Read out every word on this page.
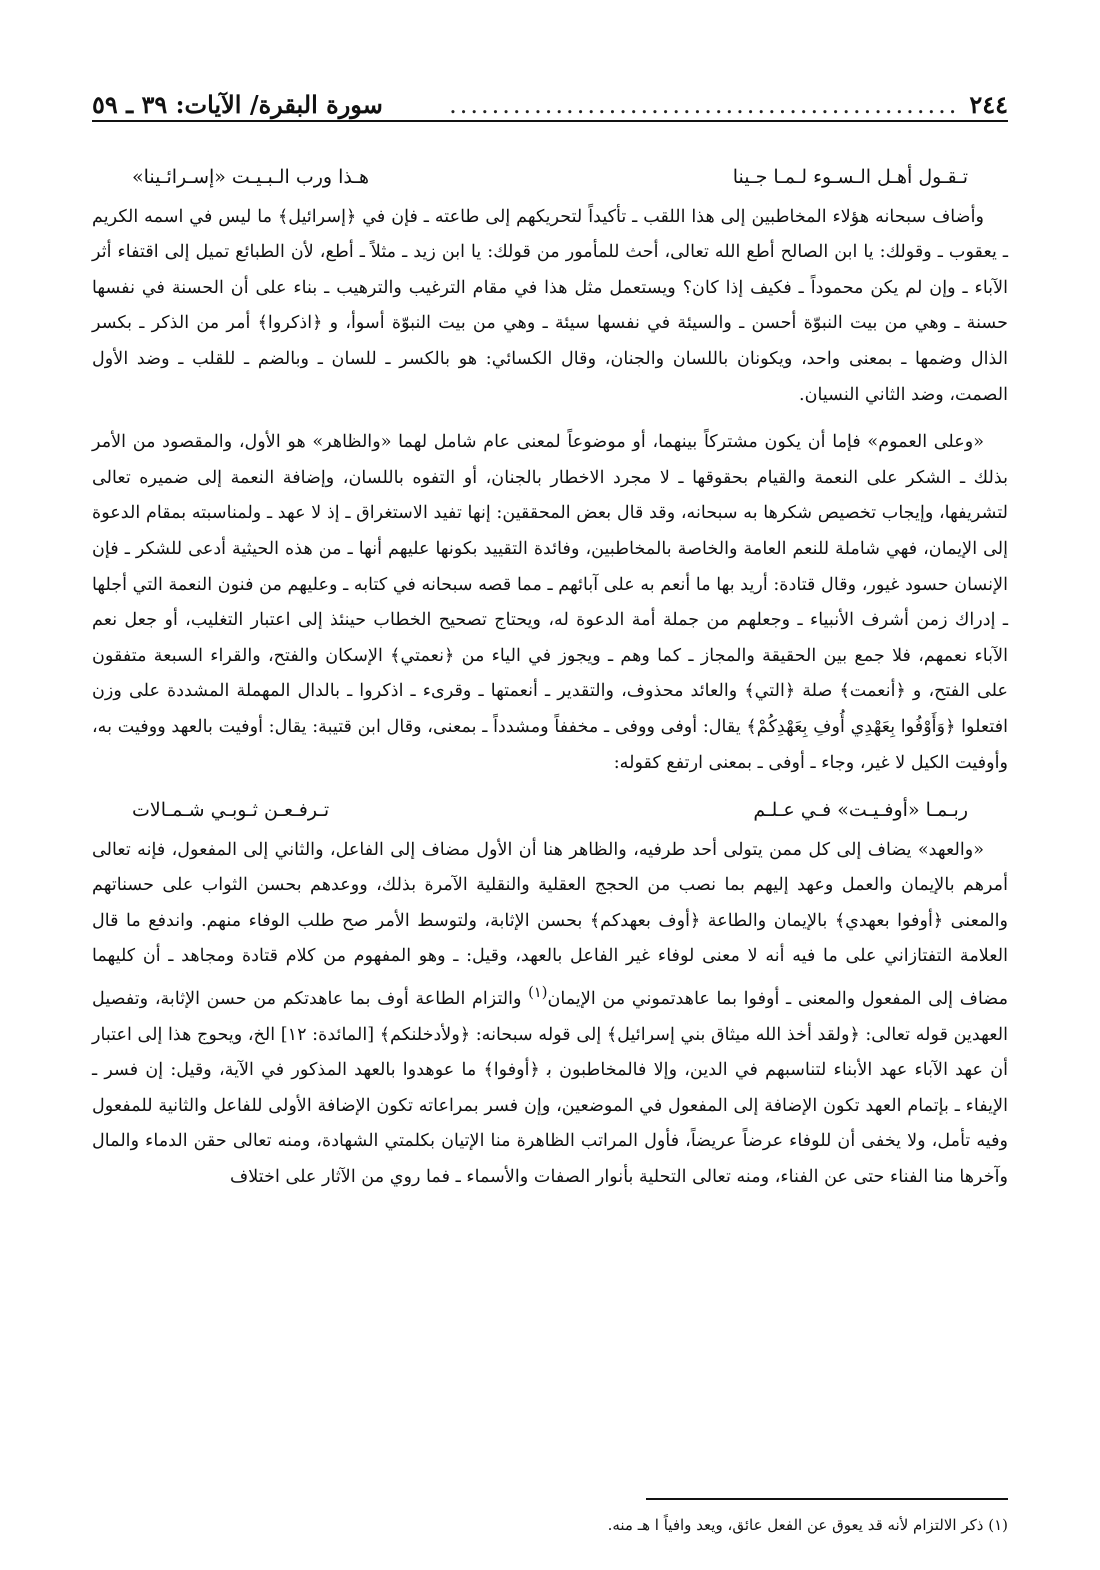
٢٤٤
................................................
سورة البقرة/ الآيات: ٣٩ ـ ٥٩
تـقـول أهـل الـسـوء لـمـا جـينا
هـذا ورب الـبـيـت «إسـرائـينا»

وأضاف سبحانه هؤلاء المخاطبين إلى هذا اللقب ـ تأكيداً لتحريكهم إلى طاعته ـ فإن في ﴿إسرائيل﴾ ما ليس في اسمه الكريم ـ يعقوب ـ وقولك: يا ابن الصالح أطع الله تعالى، أحث للمأمور من قولك: يا ابن زيد ـ مثلاً ـ أطع، لأن الطبائع تميل إلى اقتفاء أثر الآباء ـ وإن لم يكن محموداً ـ فكيف إذا كان؟ ويستعمل مثل هذا في مقام الترغيب والترهيب ـ بناء على أن الحسنة في نفسها حسنة ـ وهي من بيت النبوّة أحسن ـ والسيئة في نفسها سيئة ـ وهي من بيت النبوّة أسوأ، و ﴿اذكروا﴾ أمر من الذكر ـ بكسر الذال وضمها ـ بمعنى واحد، ويكونان باللسان والجنان، وقال الكسائي: هو بالكسر ـ للسان ـ وبالضم ـ للقلب ـ وضد الأول الصمت، وضد الثاني النسيان.

«وعلى العموم» فإما أن يكون مشتركاً بينهما، أو موضوعاً لمعنى عام شامل لهما «والظاهر» هو الأول، والمقصود من الأمر بذلك ـ الشكر على النعمة والقيام بحقوقها ـ لا مجرد الاخطار بالجنان، أو التفوه باللسان، وإضافة النعمة إلى ضميره تعالى لتشريفها، وإيجاب تخصيص شكرها به سبحانه، وقد قال بعض المحققين: إنها تفيد الاستغراق ـ إذ لا عهد ـ ولمناسبته بمقام الدعوة إلى الإيمان، فهي شاملة للنعم العامة والخاصة بالمخاطبين، وفائدة التقييد بكونها عليهم أنها ـ من هذه الحيثية أدعى للشكر ـ فإن الإنسان حسود غيور، وقال قتادة: أريد بها ما أنعم به على آبائهم ـ مما قصه سبحانه في كتابه ـ وعليهم من فنون النعمة التي أجلها ـ إدراك زمن أشرف الأنبياء ـ وجعلهم من جملة أمة الدعوة له، ويحتاج تصحيح الخطاب حينئذ إلى اعتبار التغليب، أو جعل نعم الآباء نعمهم، فلا جمع بين الحقيقة والمجاز ـ كما وهم ـ ويجوز في الياء من ﴿نعمتي﴾ الإسكان والفتح، والقراء السبعة متفقون على الفتح، و ﴿أنعمت﴾ صلة ﴿التي﴾ والعائد محذوف، والتقدير ـ أنعمتها ـ وقرىء ـ اذكروا ـ بالدال المهملة المشددة على وزن افتعلوا ﴿وَأَوْفُوا بِعَهْدِي أُوفِ بِعَهْدِكُمْ﴾ يقال: أوفى ووفى ـ مخففاً ومشدداً ـ بمعنى، وقال ابن قتيبة: يقال: أوفيت بالعهد ووفيت به، وأوفيت الكيل لا غير، وجاء ـ أوفى ـ بمعنى ارتفع كقوله:

ربـمـا «أوفـيـت» فـي عـلـم
تـرفـعـن ثـوبـي شـمـالات

«والعهد» يضاف إلى كل ممن يتولى أحد طرفيه، والظاهر هنا أن الأول مضاف إلى الفاعل، والثاني إلى المفعول، فإنه تعالى أمرهم بالإيمان والعمل وعهد إليهم بما نصب من الحجج العقلية والنقلية الآمرة بذلك، ووعدهم بحسن الثواب على حسناتهم والمعنى ﴿أوفوا بعهدي﴾ بالإيمان والطاعة ﴿أوف بعهدكم﴾ بحسن الإثابة، ولتوسط الأمر صح طلب الوفاء منهم. واندفع ما قال العلامة التفتازاني على ما فيه أنه لا معنى لوفاء غير الفاعل بالعهد، وقيل: ـ وهو المفهوم من كلام قتادة ومجاهد ـ أن كليهما مضاف إلى المفعول والمعنى ـ أوفوا بما عاهدتموني من الإيمان$^{(١)}$ والتزام الطاعة أوف بما عاهدتكم من حسن الإثابة، وتفصيل العهدين قوله تعالى: ﴿ولقد أخذ الله ميثاق بني إسرائيل﴾ إلى قوله سبحانه: ﴿ولأدخلنكم﴾ [المائدة: ١٢] الخ، ويحوج هذا إلى اعتبار أن عهد الآباء عهد الأبناء لتناسبهم في الدين، وإلا فالمخاطبون ب‍ ﴿أوفوا﴾ ما عوهدوا بالعهد المذكور في الآية، وقيل: إن فسر ـ الإيفاء ـ بإتمام العهد تكون الإضافة إلى المفعول في الموضعين، وإن فسر بمراعاته تكون الإضافة الأولى للفاعل والثانية للمفعول وفيه تأمل، ولا يخفى أن للوفاء عرضاً عريضاً، فأول المراتب الظاهرة منا الإتيان بكلمتي الشهادة، ومنه تعالى حقن الدماء والمال وآخرها منا الفناء حتى عن الفناء، ومنه تعالى التحلية بأنوار الصفات والأسماء ـ فما روي من الآثار على اختلاف

(١) ذكر الالتزام لأنه قد يعوق عن الفعل عائق، ويعد وافياً ا هـ منه.
